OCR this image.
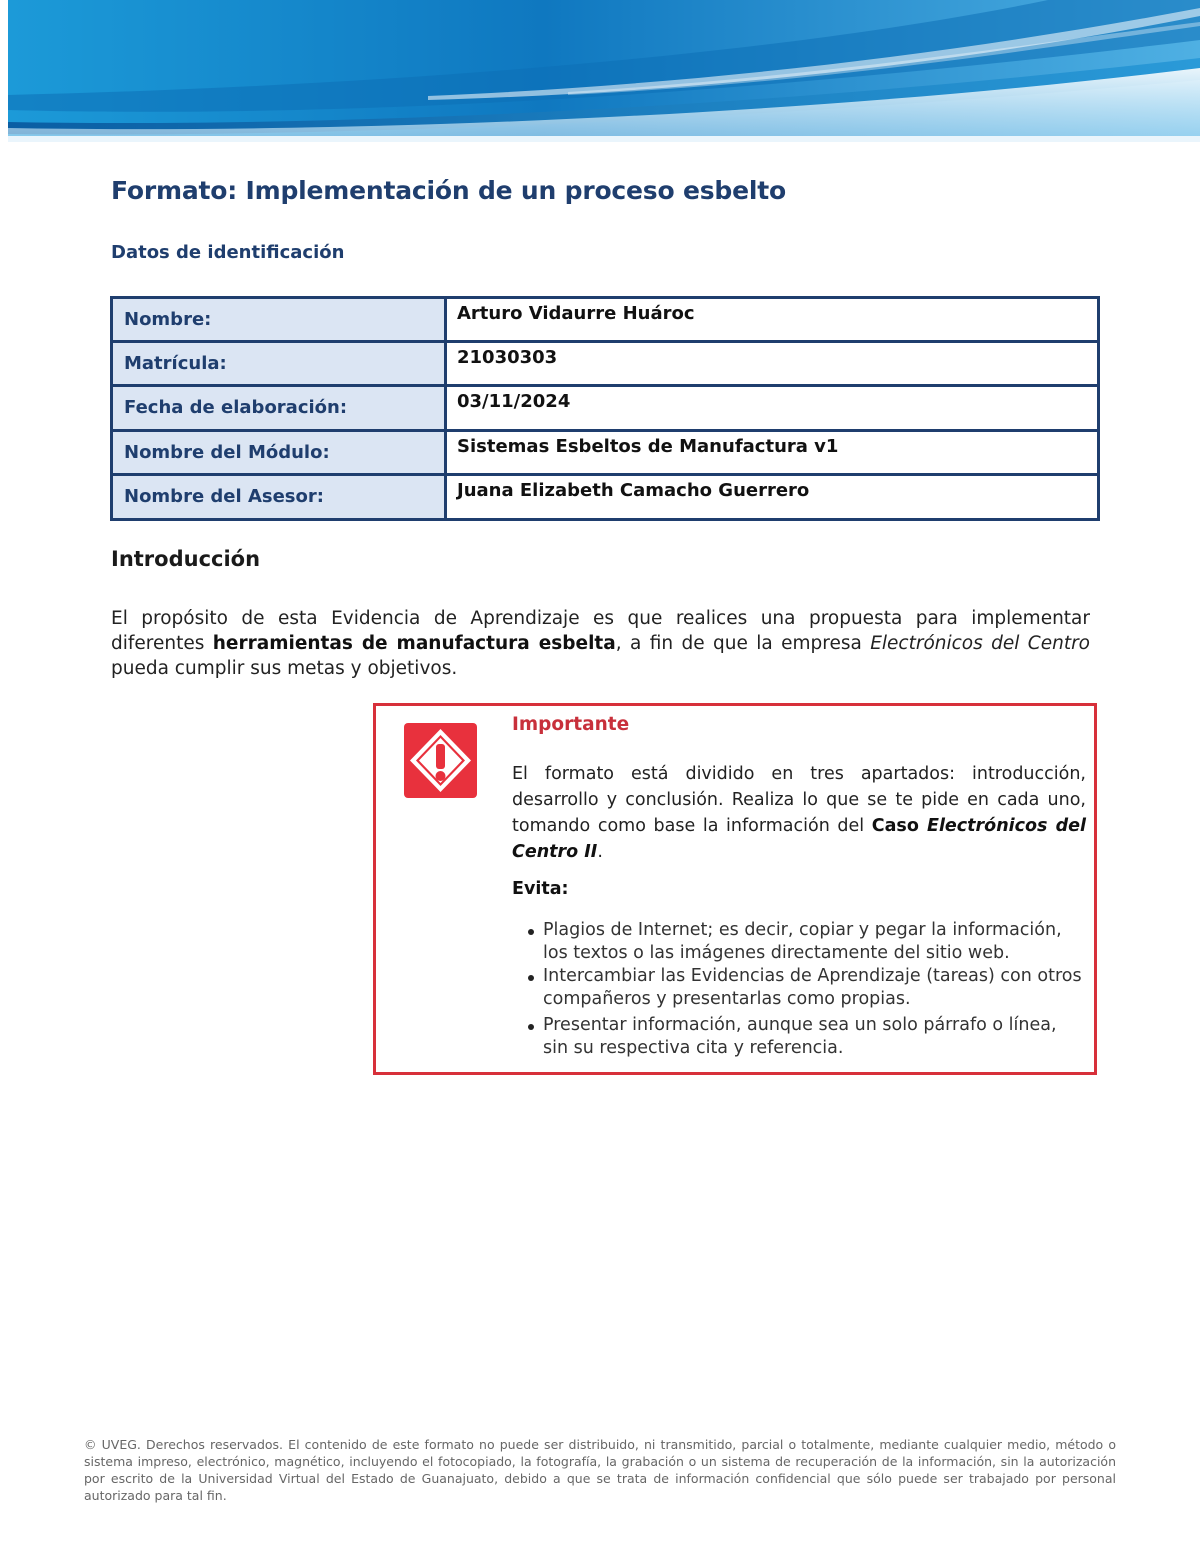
Formato: Implementación de un proceso esbelto
Datos de identificación
Nombre:	Arturo Vidaurre Huároc
Matrícula:	21030303
Fecha de elaboración:	03/11/2024
Nombre del Módulo:	Sistemas Esbeltos de Manufactura v1
Nombre del Asesor:	Juana Elizabeth Camacho Guerrero
Introducción

El propósito de esta Evidencia de Aprendizaje es que realices una propuesta para implementar diferentes herramientas de manufactura esbelta, a fin de que la empresa Electrónicos del Centro pueda cumplir sus metas y objetivos.

Importante

El formato está dividido en tres apartados: introducción, desarrollo y conclusión. Realiza lo que se te pide en cada uno, tomando como base la información del Caso Electrónicos del Centro II.

Evita:
Plagios de Internet; es decir, copiar y pegar la información, los textos o las imágenes directamente del sitio web.
Intercambiar las Evidencias de Aprendizaje (tareas) con otros compañeros y presentarlas como propias.
Presentar información, aunque sea un solo párrafo o línea, sin su respectiva cita y referencia.

© UVEG. Derechos reservados. El contenido de este formato no puede ser distribuido, ni transmitido, parcial o totalmente, mediante cualquier medio, método o sistema impreso, electrónico, magnético, incluyendo el fotocopiado, la fotografía, la grabación o un sistema de recuperación de la información, sin la autorización por escrito de la Universidad Virtual del Estado de Guanajuato, debido a que se trata de información confidencial que sólo puede ser trabajado por personal autorizado para tal fin.
